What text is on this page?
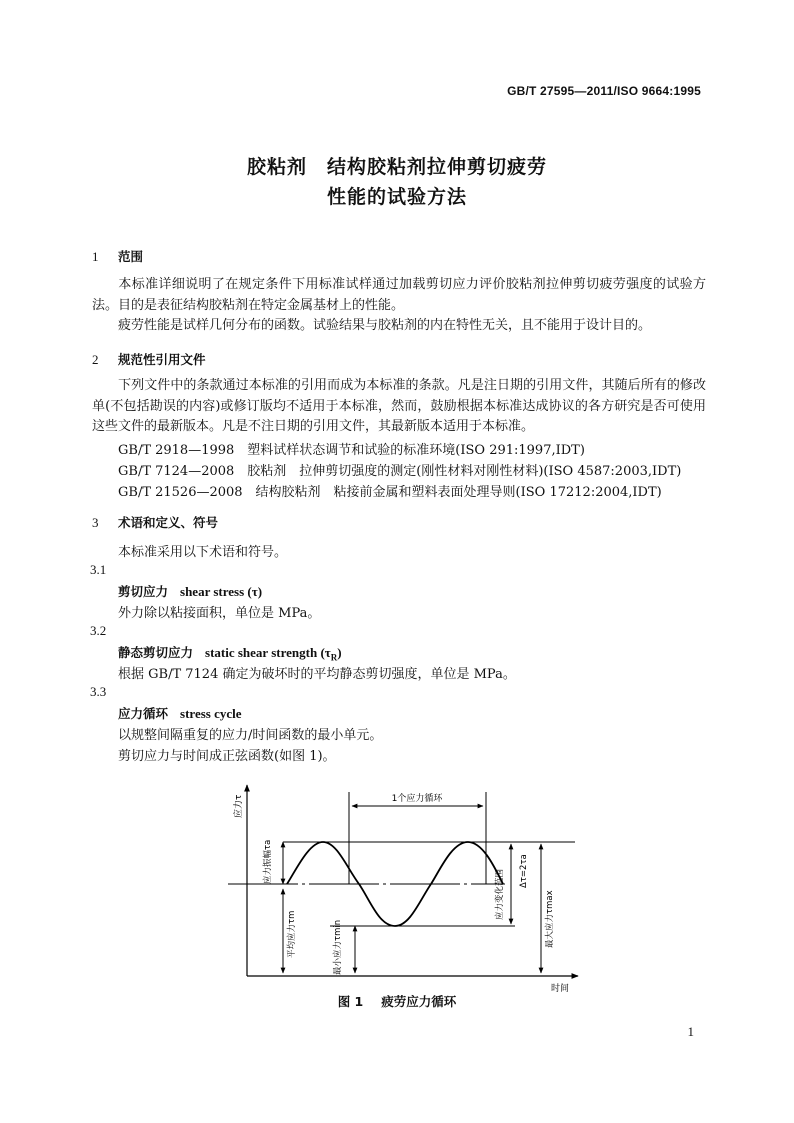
GB/T 27595—2011/ISO 9664:1995

胶粘剂　结构胶粘剂拉伸剪切疲劳

性能的试验方法

1 范围

本标准详细说明了在规定条件下用标准试样通过加载剪切应力评价胶粘剂拉伸剪切疲劳强度的试验方法。目的是表征结构胶粘剂在特定金属基材上的性能。

疲劳性能是试样几何分布的函数。试验结果与胶粘剂的内在特性无关，且不能用于设计目的。

2 规范性引用文件

下列文件中的条款通过本标准的引用而成为本标准的条款。凡是注日期的引用文件，其随后所有的修改单(不包括勘误的内容)或修订版均不适用于本标准，然而，鼓励根据本标准达成协议的各方研究是否可使用这些文件的最新版本。凡是不注日期的引用文件，其最新版本适用于本标准。

GB/T 2918—1998　塑料试样状态调节和试验的标准环境(ISO 291:1997,IDT)

GB/T 7124—2008　胶粘剂　拉伸剪切强度的测定(刚性材料对刚性材料)(ISO 4587:2003,IDT)

GB/T 21526—2008　结构胶粘剂　粘接前金属和塑料表面处理导则(ISO 17212:2004,IDT)

3 术语和定义、符号

本标准采用以下术语和符号。

3.1

剪切应力 shear stress (τ)

外力除以粘接面积，单位是 MPa。

3.2

静态剪切应力 static shear strength $(\tau_R)$

根据 GB/T 7124 确定为破坏时的平均静态剪切强度，单位是 MPa。

3.3

应力循环 stress cycle

以规整间隔重复的应力/时间函数的最小单元。

剪切应力与时间成正弦函数(如图 1)。

1个应力循环
应力振幅τa
平均应力τm	最小应力τmin
应力变化范围 Δτ=2τa
最大应力τmax
应力τ
时间

图 1 疲劳应力循环

1
